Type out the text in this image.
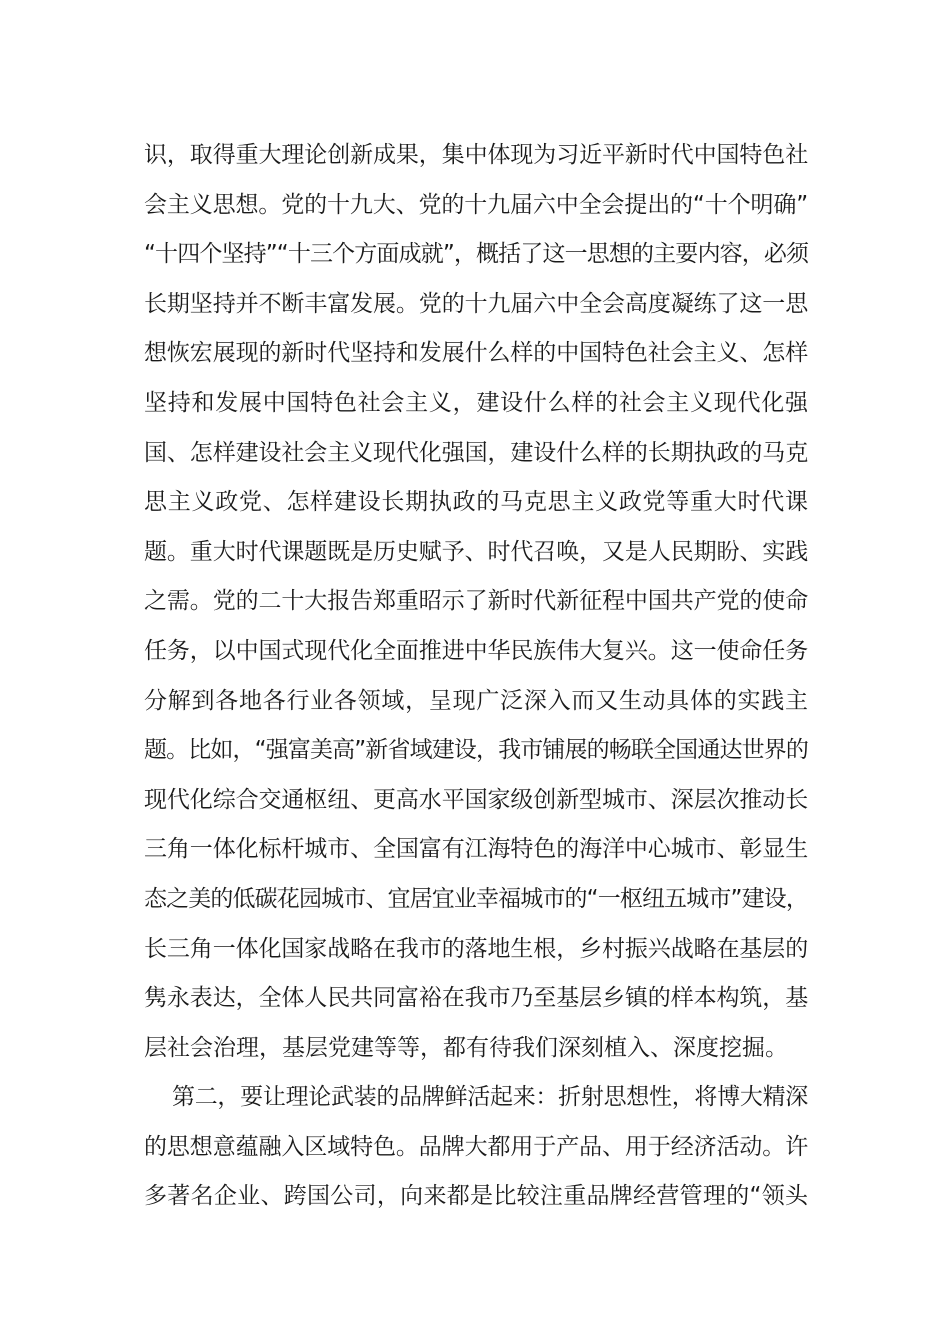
识，取得重大理论创新成果，集中体现为习近平新时代中国特色社
会主义思想。党的十九大、党的十九届六中全会提出的“十个明确”
“十四个坚持”“十三个方面成就”，概括了这一思想的主要内容，必须
长期坚持并不断丰富发展。党的十九届六中全会高度凝练了这一思
想恢宏展现的新时代坚持和发展什么样的中国特色社会主义、怎样
坚持和发展中国特色社会主义，建设什么样的社会主义现代化强
国、怎样建设社会主义现代化强国，建设什么样的长期执政的马克
思主义政党、怎样建设长期执政的马克思主义政党等重大时代课
题。重大时代课题既是历史赋予、时代召唤，又是人民期盼、实践
之需。党的二十大报告郑重昭示了新时代新征程中国共产党的使命
任务，以中国式现代化全面推进中华民族伟大复兴。这一使命任务
分解到各地各行业各领域，呈现广泛深入而又生动具体的实践主
题。比如，“强富美高”新省域建设，我市铺展的畅联全国通达世界的
现代化综合交通枢纽、更高水平国家级创新型城市、深层次推动长
三角一体化标杆城市、全国富有江海特色的海洋中心城市、彰显生
态之美的低碳花园城市、宜居宜业幸福城市的“一枢纽五城市”建设，
长三角一体化国家战略在我市的落地生根，乡村振兴战略在基层的
隽永表达，全体人民共同富裕在我市乃至基层乡镇的样本构筑，基
层社会治理，基层党建等等，都有待我们深刻植入、深度挖掘。
第二，要让理论武装的品牌鲜活起来：折射思想性，将博大精深
的思想意蕴融入区域特色。品牌大都用于产品、用于经济活动。许
多著名企业、跨国公司，向来都是比较注重品牌经营管理的“领头
